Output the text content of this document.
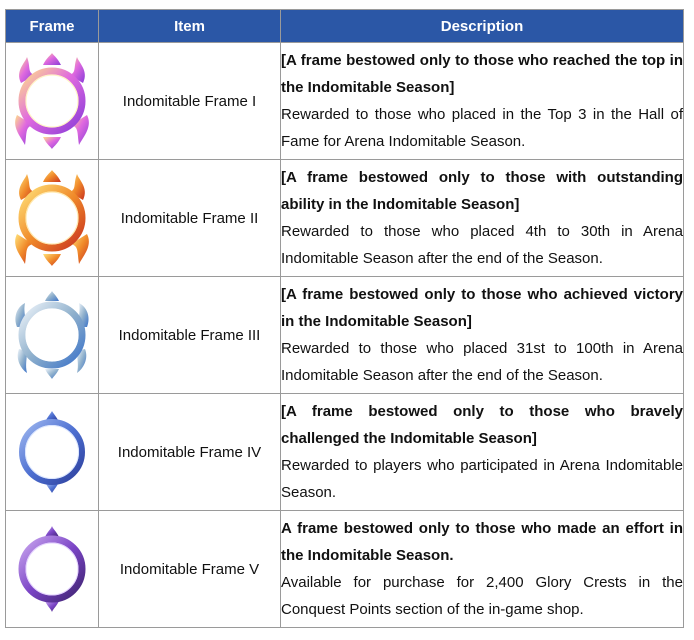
Frame	Item	Description

	Indomitable Frame I	[A frame bestowed only to those who reached the top in the Indomitable Season]
Rewarded to those who placed in the Top 3 in the Hall of Fame for Arena Indomitable Season.

	Indomitable Frame II	[A frame bestowed only to those with outstanding ability in the Indomitable Season]
Rewarded to those who placed 4th to 30th in Arena Indomitable Season after the end of the Season.

	Indomitable Frame III	[A frame bestowed only to those who achieved victory in the Indomitable Season]
Rewarded to those who placed 31st to 100th in Arena Indomitable Season after the end of the Season.

	Indomitable Frame IV	[A frame bestowed only to those who bravely challenged the Indomitable Season]
Rewarded to players who participated in Arena Indomitable Season.

	Indomitable Frame V	A frame bestowed only to those who made an effort in the Indomitable Season.
Available for purchase for 2,400 Glory Crests in the Conquest Points section of the in-game shop.
